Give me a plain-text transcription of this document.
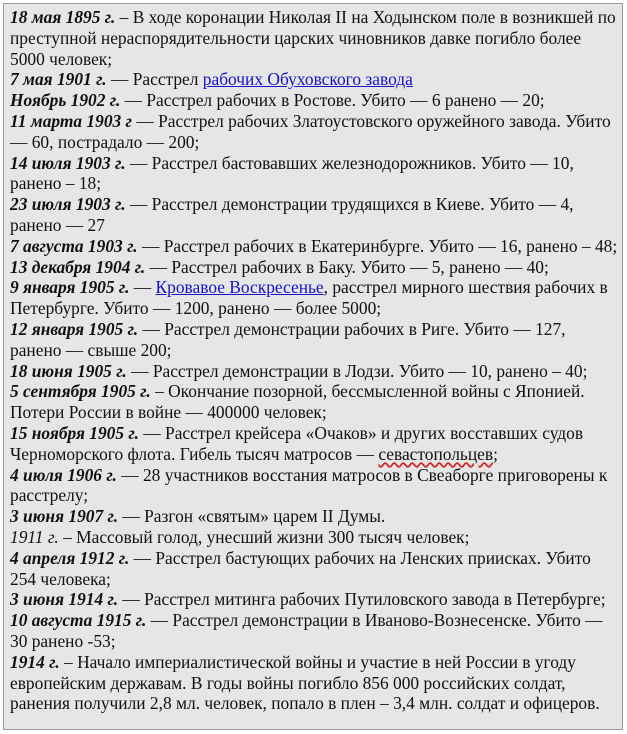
18 мая 1895 г. – В ходе коронации Николая II на Ходынском поле в возникшей по преступной нераспорядительности царских чиновников давке погибло более 5000 человек;

7 мая 1901 г. — Расстрел рабочих Обуховского завода

Ноябрь 1902 г. — Расстрел рабочих в Ростове. Убито — 6 ранено — 20;

11 марта 1903 г — Расстрел рабочих Златоустовского оружейного завода. Убито — 60, пострадало — 200;

14 июля 1903 г. — Расстрел бастовавших железнодорожников. Убито — 10, ранено – 18;

23 июля 1903 г. — Расстрел демонстрации трудящихся в Киеве. Убито — 4, ранено — 27

7 августа 1903 г. — Расстрел рабочих в Екатеринбурге. Убито — 16, ранено – 48;

13 декабря 1904 г. — Расстрел рабочих в Баку. Убито — 5, ранено — 40;

9 января 1905 г. — Кровавое Воскресенье, расстрел мирного шествия рабочих в Петербурге. Убито — 1200, ранено — более 5000;

12 января 1905 г. — Расстрел демонстрации рабочих в Риге. Убито — 127, ранено — свыше 200;

18 июня 1905 г. — Расстрел демонстрации в Лодзи. Убито — 10, ранено – 40;

5 сентября 1905 г. – Окончание позорной, бессмысленной войны с Японией. Потери России в войне — 400000 человек;

15 ноября 1905 г. — Расстрел крейсера «Очаков» и других восставших судов Черноморского флота. Гибель тысяч матросов — севастопольцев;

4 июля 1906 г. — 28 участников восстания матросов в Свеаборге приговорены к расстрелу;

3 июня 1907 г. — Разгон «святым» царем II Думы.

1911 г. – Массовый голод, унесший жизни 300 тысяч человек;

4 апреля 1912 г. — Расстрел бастующих рабочих на Ленских приисках. Убито 254 человека;

3 июня 1914 г. — Расстрел митинга рабочих Путиловского завода в Петербурге;

10 августа 1915 г. — Расстрел демонстрации в Иваново-Вознесенске. Убито — 30 ранено -53;

1914 г. – Начало империалистической войны и участие в ней России в угоду европейским державам. В годы войны погибло 856 000 российских солдат, ранения получили 2,8 мл. человек, попало в плен – 3,4 млн. солдат и офицеров.
